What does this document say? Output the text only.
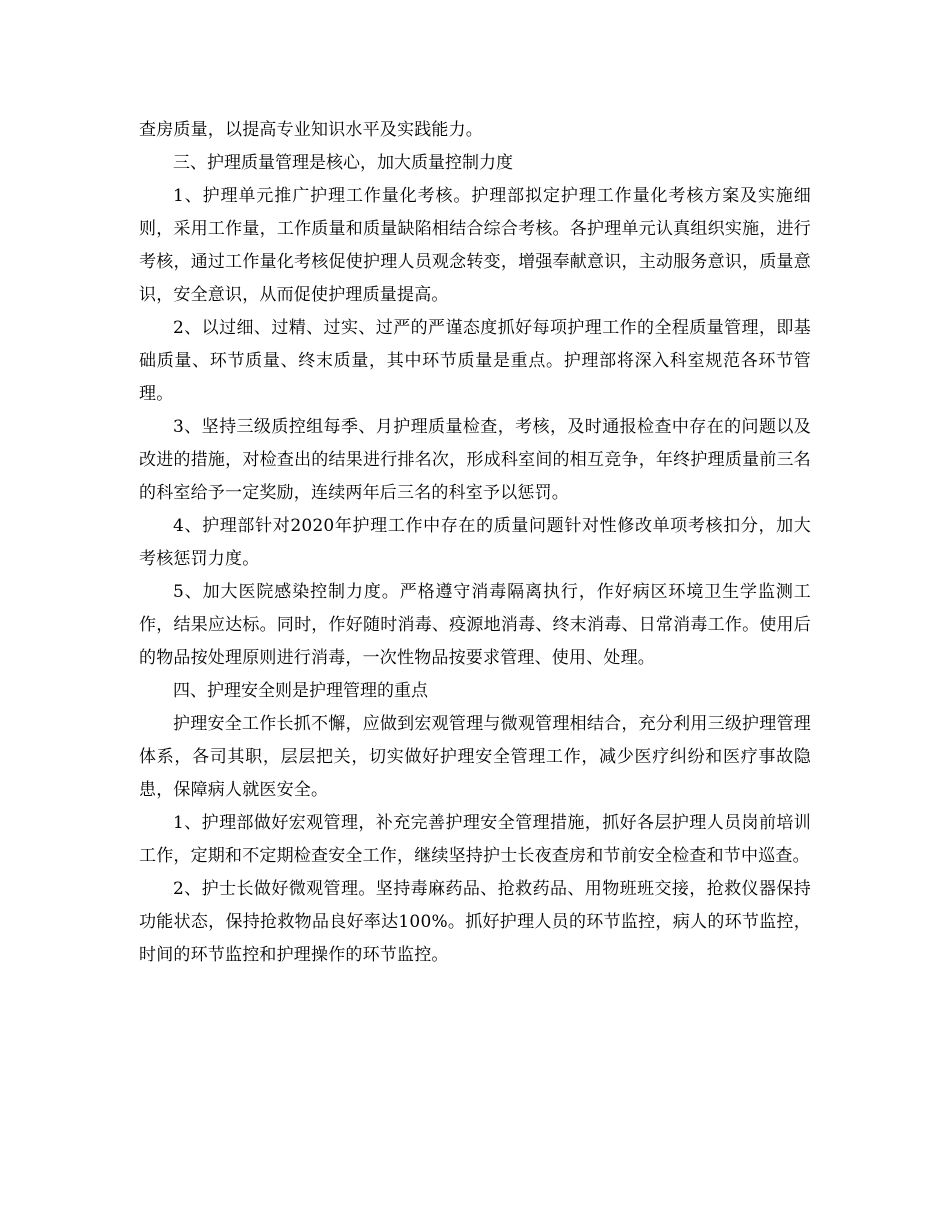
查房质量，以提高专业知识水平及实践能力。

三、护理质量管理是核心，加大质量控制力度

1、护理单元推广护理工作量化考核。护理部拟定护理工作量化考核方案及实施细则，采用工作量，工作质量和质量缺陷相结合综合考核。各护理单元认真组织实施，进行考核，通过工作量化考核促使护理人员观念转变，增强奉献意识，主动服务意识，质量意识，安全意识，从而促使护理质量提高。

2、以过细、过精、过实、过严的严谨态度抓好每项护理工作的全程质量管理，即基础质量、环节质量、终末质量，其中环节质量是重点。护理部将深入科室规范各环节管理。

3、坚持三级质控组每季、月护理质量检查，考核，及时通报检查中存在的问题以及改进的措施，对检查出的结果进行排名次，形成科室间的相互竞争，年终护理质量前三名的科室给予一定奖励，连续两年后三名的科室予以惩罚。

4、护理部针对2020年护理工作中存在的质量问题针对性修改单项考核扣分，加大考核惩罚力度。

5、加大医院感染控制力度。严格遵守消毒隔离执行，作好病区环境卫生学监测工作，结果应达标。同时，作好随时消毒、疫源地消毒、终末消毒、日常消毒工作。使用后的物品按处理原则进行消毒，一次性物品按要求管理、使用、处理。

四、护理安全则是护理管理的重点

护理安全工作长抓不懈，应做到宏观管理与微观管理相结合，充分利用三级护理管理体系，各司其职，层层把关，切实做好护理安全管理工作，减少医疗纠纷和医疗事故隐患，保障病人就医安全。

1、护理部做好宏观管理，补充完善护理安全管理措施，抓好各层护理人员岗前培训工作，定期和不定期检查安全工作，继续坚持护士长夜查房和节前安全检查和节中巡查。

2、护士长做好微观管理。坚持毒麻药品、抢救药品、用物班班交接，抢救仪器保持功能状态，保持抢救物品良好率达100%。抓好护理人员的环节监控，病人的环节监控，时间的环节监控和护理操作的环节监控。
